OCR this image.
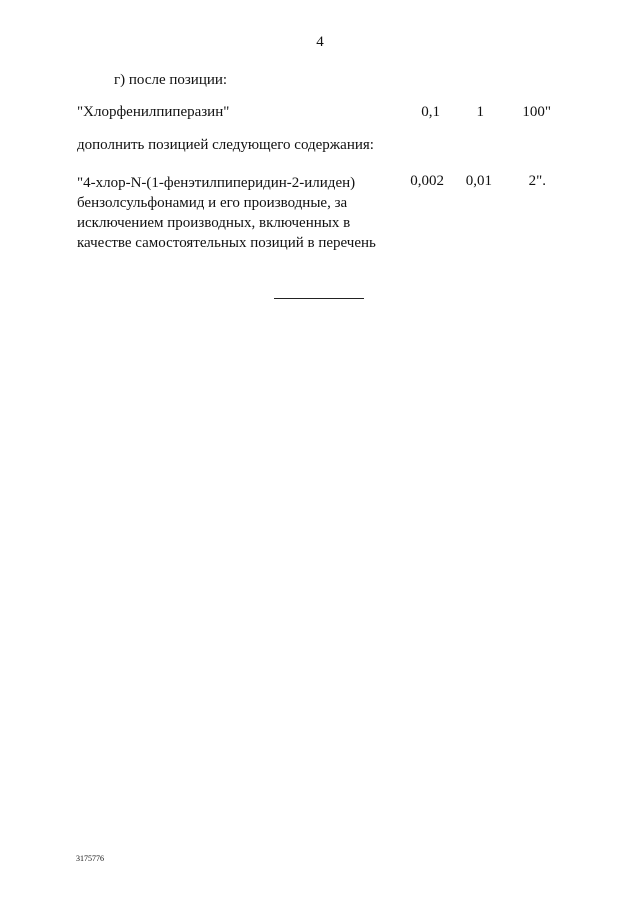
4
г) после позиции:
"Хлорфенилпиперазин"	0,1	1	100"
дополнить позицией следующего содержания:
"4-хлор-N-(1-фенэтилпиперидин-2-илиден)
бензолсульфонамид и его производные, за
исключением производных, включенных в
качестве самостоятельных позиций в перечень
0,002 0,01	2".
3175776
